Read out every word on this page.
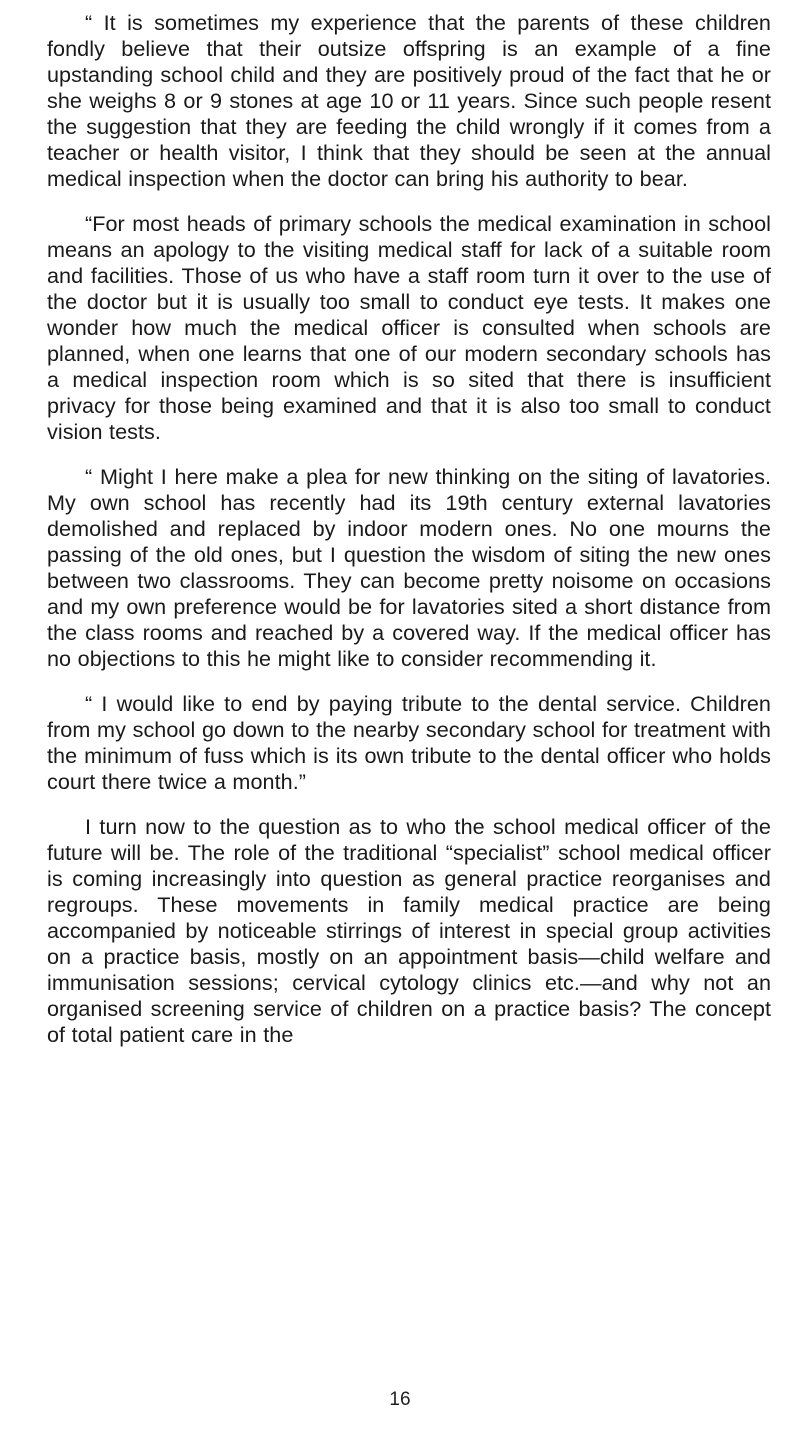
“ It is sometimes my experience that the parents of these children fondly believe that their outsize offspring is an example of a fine upstanding school child and they are positively proud of the fact that he or she weighs 8 or 9 stones at age 10 or 11 years. Since such people resent the suggestion that they are feeding the child wrongly if it comes from a teacher or health visitor, I think that they should be seen at the annual medical inspection when the doctor can bring his authority to bear.

“For most heads of primary schools the medical examination in school means an apology to the visiting medical staff for lack of a suitable room and facilities. Those of us who have a staff room turn it over to the use of the doctor but it is usually too small to conduct eye tests. It makes one wonder how much the medical officer is consulted when schools are planned, when one learns that one of our modern secondary schools has a medical inspection room which is so sited that there is insufficient privacy for those being examined and that it is also too small to conduct vision tests.

“ Might I here make a plea for new thinking on the siting of lavatories. My own school has recently had its 19th century external lavatories demolished and replaced by indoor modern ones. No one mourns the passing of the old ones, but I question the wisdom of siting the new ones between two classrooms. They can become pretty noisome on occasions and my own preference would be for lavatories sited a short distance from the class rooms and reached by a covered way. If the medical officer has no objections to this he might like to consider recommending it.

“ I would like to end by paying tribute to the dental service. Children from my school go down to the nearby secondary school for treatment with the minimum of fuss which is its own tribute to the dental officer who holds court there twice a month.”

I turn now to the question as to who the school medical officer of the future will be. The role of the traditional “specialist” school medical officer is coming increasingly into question as general practice reorganises and regroups. These movements in family medical practice are being accompanied by noticeable stirrings of interest in special group activities on a practice basis, mostly on an appointment basis—child welfare and immunisation sessions; cervical cytology clinics etc.—and why not an organised screening service of children on a practice basis? The concept of total patient care in the

16
